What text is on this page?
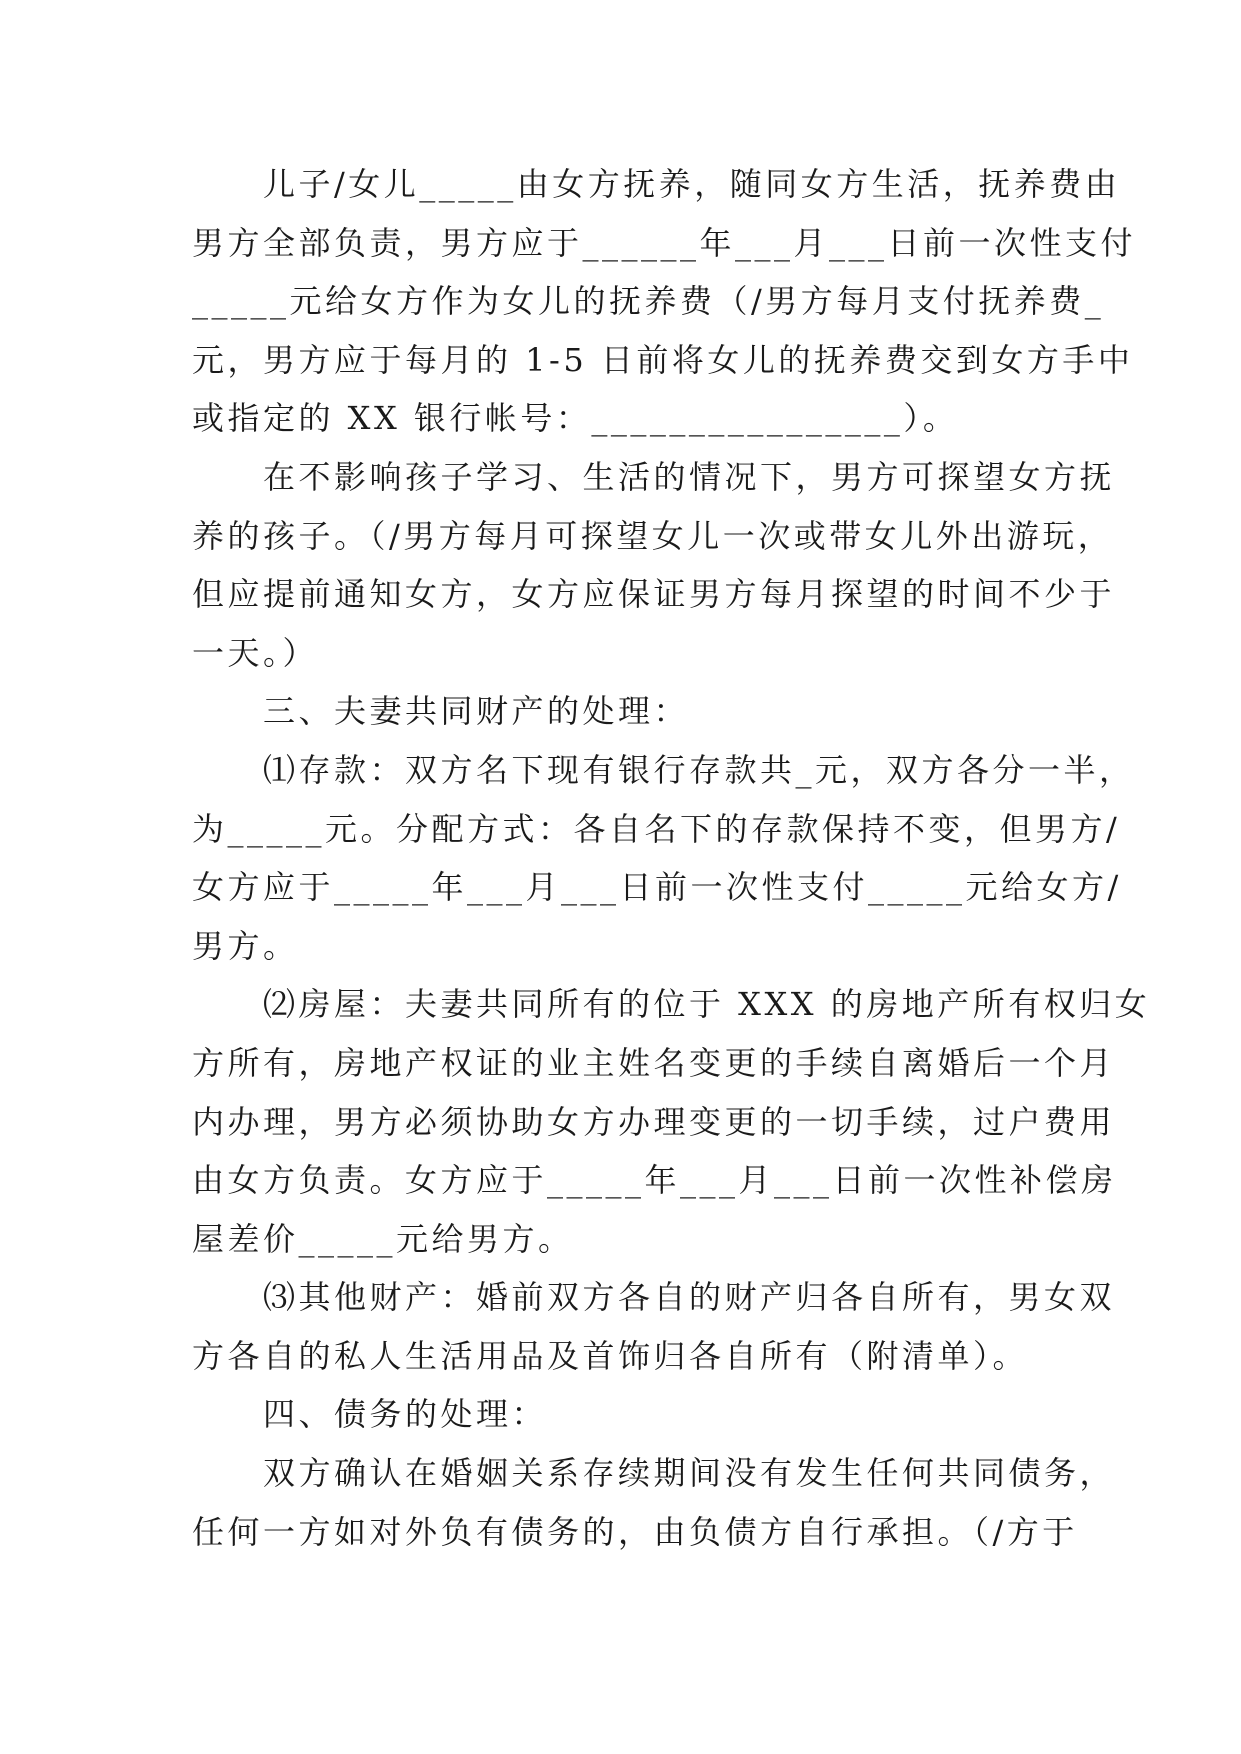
　　儿子/女儿_____由女方抚养，随同女方生活，抚养费由
男方全部负责，男方应于______年___月___日前一次性支付
_____元给女方作为女儿的抚养费（/男方每月支付抚养费_
元，男方应于每月的 1-5 日前将女儿的抚养费交到女方手中
或指定的 XX 银行帐号：________________）。
　　在不影响孩子学习、生活的情况下，男方可探望女方抚
养的孩子。（/男方每月可探望女儿一次或带女儿外出游玩，
但应提前通知女方，女方应保证男方每月探望的时间不少于
一天。）
　　三、夫妻共同财产的处理：
　　⑴存款：双方名下现有银行存款共_元，双方各分一半，
为_____元。分配方式：各自名下的存款保持不变，但男方/
女方应于_____年___月___日前一次性支付_____元给女方/
男方。
　　⑵房屋：夫妻共同所有的位于 XXX 的房地产所有权归女
方所有，房地产权证的业主姓名变更的手续自离婚后一个月
内办理，男方必须协助女方办理变更的一切手续，过户费用
由女方负责。女方应于_____年___月___日前一次性补偿房
屋差价_____元给男方。
　　⑶其他财产：婚前双方各自的财产归各自所有，男女双
方各自的私人生活用品及首饰归各自所有（附清单）。
　　四、债务的处理：
　　双方确认在婚姻关系存续期间没有发生任何共同债务，
任何一方如对外负有债务的，由负债方自行承担。（/方于
